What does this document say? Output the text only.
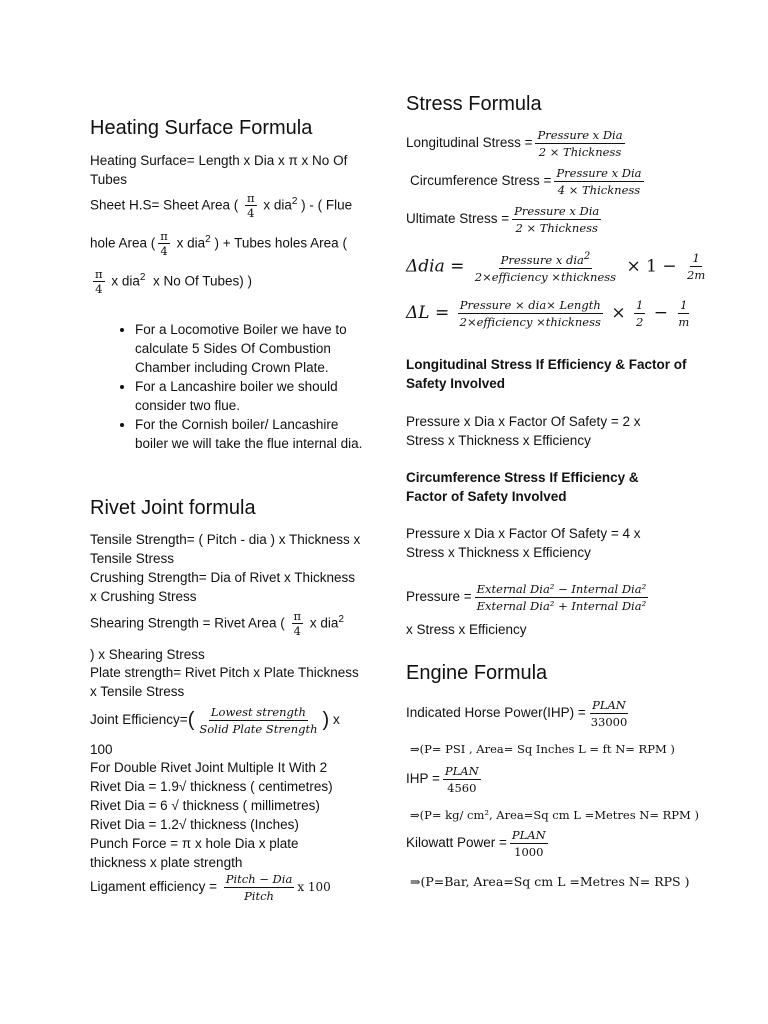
Heating Surface Formula

Heating Surface= Length x Dia x π x No Of Tubes

Sheet H.S= Sheet Area ( $\frac{\pi}{4}$ x dia$^2$ ) - ( Flue

hole Area ( $\frac{\pi}{4}$ x dia$^2$ ) + Tubes holes Area (

$\frac{\pi}{4}$ x dia$^2$ x No Of Tubes) )

• For a Locomotive Boiler we have to calculate 5 Sides Of Combustion Chamber including Crown Plate.
• For a Lancashire boiler we should consider two flue.
• For the Cornish boiler/ Lancashire boiler we will take the flue internal dia.
Rivet Joint formula

Tensile Strength= ( Pitch - dia ) x Thickness x Tensile Stress

Crushing Strength= Dia of Rivet x Thickness x Crushing Stress

Shearing Strength = Rivet Area ( $\frac{\pi}{4}$ x dia$^2$

) x Shearing Stress

Plate strength= Rivet Pitch x Plate Thickness x Tensile Stress

Joint Efficiency=( $\frac{\text{Lowest strength}}{\text{Solid Plate Strength}}$ ) x

100

For Double Rivet Joint Multiple It With 2

Rivet Dia = 1.9√ thickness ( centimetres)

Rivet Dia = 6 √ thickness ( millimetres)

Rivet Dia = 1.2√ thickness (Inches)

Punch Force = π x hole Dia x plate thickness x plate strength

Ligament efficiency = $\frac{\text{Pitch − Dia}}{\text{Pitch}}$ x 100

Stress Formula

Longitudinal Stress = $\frac{\text{Pressure x Dia}}{\text{2 × Thickness}}$

Circumference Stress = $\frac{\text{Pressure x Dia}}{\text{4 × Thickness}}$

Ultimate Stress = $\frac{\text{Pressure x Dia}}{\text{2 × Thickness}}$

$\Delta dia = \frac{Pressure x dia^2}{\text{2×efficiency ×thickness}} \times 1 - \frac{1}{2m}$

$\Delta L = \frac{\text{Pressure × dia× Length}}{\text{2×efficiency ×thickness}} \times \frac{1}{2} - \frac{1}{m}$

Longitudinal Stress If Efficiency & Factor of Safety Involved

Pressure x Dia x Factor Of Safety = 2 x Stress x Thickness x Efficiency

Circumference Stress If Efficiency & Factor of Safety Involved

Pressure x Dia x Factor Of Safety = 4 x Stress x Thickness x Efficiency

Pressure = $\frac{\text{External Dia² − Internal Dia²}}{\text{External Dia² + Internal Dia²}}$

x Stress x Efficiency

Engine Formula

Indicated Horse Power(IHP) = $\frac{\text{PLAN}}{33000}$

⇒(P= PSI , Area= Sq Inches L = ft N= RPM )

IHP = $\frac{\text{PLAN}}{4560}$

⇒(P= kg/ cm², Area=Sq cm L =Metres N= RPM )

Kilowatt Power = $\frac{\text{PLAN}}{1000}$

⇒(P=Bar, Area=Sq cm L =Metres N= RPS )
